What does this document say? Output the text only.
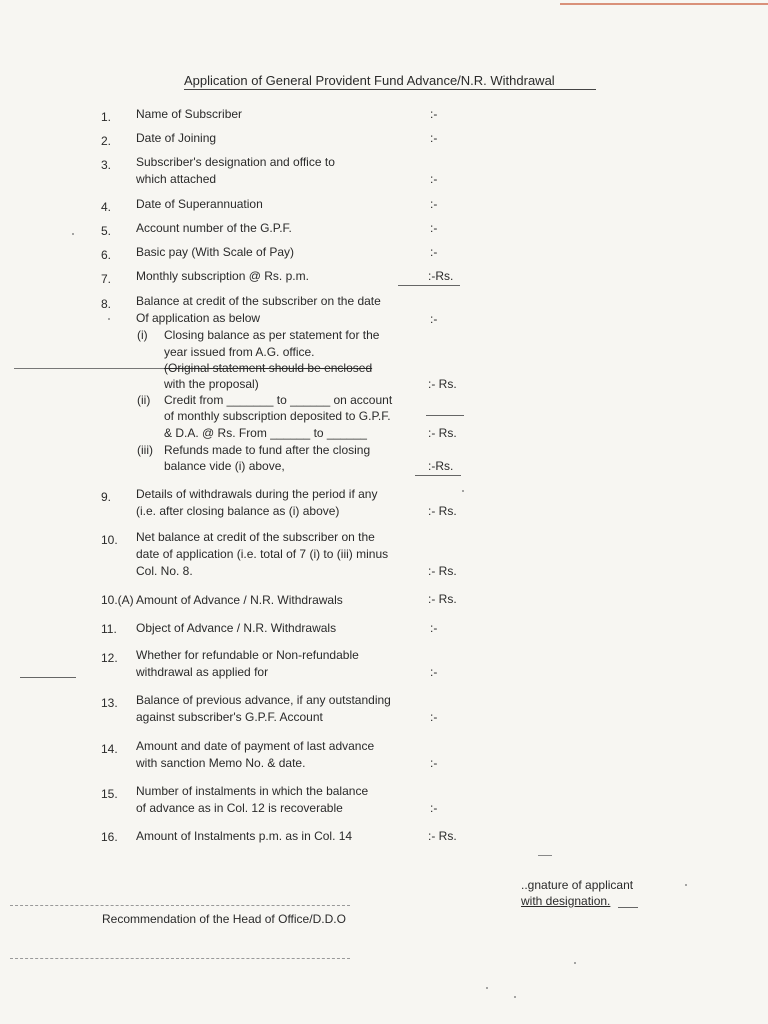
Application of General Provident Fund Advance/N.R. Withdrawal
1. Name of Subscriber	:-
2. Date of Joining	:-
3. Subscriber's designation and office to
which attached	:-
4. Date of Superannuation	:-
5. Account number of the G.P.F.	:-
6. Basic pay (With Scale of Pay)	:-
7. Monthly subscription @ Rs. p.m.	:-Rs.
8. Balance at credit of the subscriber on the date
Of application as below	:-
(i) Closing balance as per statement for the
year issued from A.G. office.
(Original statement should be enclosed
with the proposal)	:- Rs.
(ii) Credit from _______ to ______ on account
of monthly subscription deposited to G.P.F.
& D.A. @ Rs. From ______ to ______	:- Rs.
(iii) Refunds made to fund after the closing
balance vide (i) above,	:-Rs.
9. Details of withdrawals during the period if any
(i.e. after closing balance as (i) above)	:- Rs.
10. Net balance at credit of the subscriber on the
date of application (i.e. total of 7 (i) to (iii) minus
Col. No. 8.	:- Rs.
10.(A) Amount of Advance / N.R. Withdrawals	:- Rs.
11. Object of Advance / N.R. Withdrawals	:-
12. Whether for refundable or Non-refundable
withdrawal as applied for	:-
13. Balance of previous advance, if any outstanding
against subscriber's G.P.F. Account	:-
14. Amount and date of payment of last advance
with sanction Memo No. & date.	:-
15. Number of instalments in which the balance
of advance as in Col. 12 is recoverable	:-
16. Amount of Instalments p.m. as in Col. 14	:- Rs.
..gnature of applicant
with designation.
Recommendation of the Head of Office/D.D.O
